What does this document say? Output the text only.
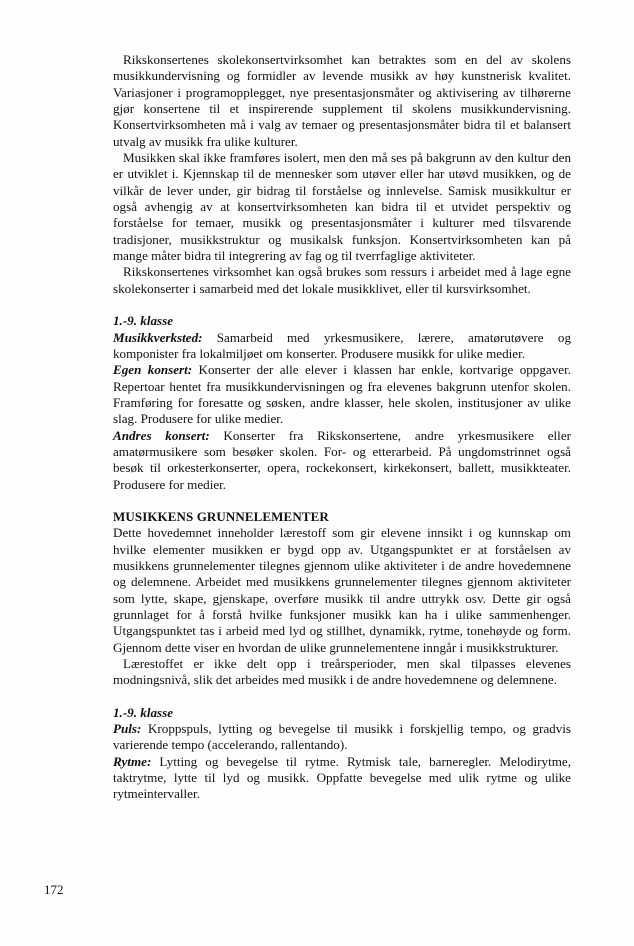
Rikskonsertenes skolekonsertvirksomhet kan betraktes som en del av skolens musikkundervisning og formidler av levende musikk av høy kunstnerisk kvalitet. Variasjoner i programopplegget, nye presentasjonsmåter og aktivisering av tilhørerne gjør konsertene til et inspirerende supplement til skolens musikkundervisning. Konsertvirksomheten må i valg av temaer og presentasjonsmåter bidra til et balansert utvalg av musikk fra ulike kulturer.

Musikken skal ikke framføres isolert, men den må ses på bakgrunn av den kultur den er utviklet i. Kjennskap til de mennesker som utøver eller har utøvd musikken, og de vilkår de lever under, gir bidrag til forståelse og innlevelse. Samisk musikkultur er også avhengig av at konsertvirksomheten kan bidra til et utvidet perspektiv og forståelse for temaer, musikk og presentasjonsmåter i kulturer med tilsvarende tradisjoner, musikkstruktur og musikalsk funksjon. Konsertvirksomheten kan på mange måter bidra til integrering av fag og til tverrfaglige aktiviteter.

Rikskonsertenes virksomhet kan også brukes som ressurs i arbeidet med å lage egne skolekonserter i samarbeid med det lokale musikklivet, eller til kursvirksomhet.

1.-9. klasse

Musikkverksted: Samarbeid med yrkesmusikere, lærere, amatørutøvere og komponister fra lokalmiljøet om konserter. Produsere musikk for ulike medier.

Egen konsert: Konserter der alle elever i klassen har enkle, kortvarige oppgaver. Repertoar hentet fra musikkundervisningen og fra elevenes bakgrunn utenfor skolen. Framføring for foresatte og søsken, andre klasser, hele skolen, institusjoner av ulike slag. Produsere for ulike medier.

Andres konsert: Konserter fra Rikskonsertene, andre yrkesmusikere eller amatørmusikere som besøker skolen. For- og etterarbeid. På ungdomstrinnet også besøk til orkesterkonserter, opera, rockekonsert, kirkekonsert, ballett, musikkteater. Produsere for medier.

MUSIKKENS GRUNNELEMENTER

Dette hovedemnet inneholder lærestoff som gir elevene innsikt i og kunnskap om hvilke elementer musikken er bygd opp av. Utgangspunktet er at forståelsen av musikkens grunnelementer tilegnes gjennom ulike aktiviteter i de andre hovedemnene og delemnene. Arbeidet med musikkens grunnelementer tilegnes gjennom aktiviteter som lytte, skape, gjenskape, overføre musikk til andre uttrykk osv. Dette gir også grunnlaget for å forstå hvilke funksjoner musikk kan ha i ulike sammenhenger. Utgangspunktet tas i arbeid med lyd og stillhet, dynamikk, rytme, tonehøyde og form. Gjennom dette viser en hvordan de ulike grunnelementene inngår i musikkstrukturer.

Lærestoffet er ikke delt opp i treårsperioder, men skal tilpasses elevenes modningsnivå, slik det arbeides med musikk i de andre hovedemnene og delemnene.

1.-9. klasse

Puls: Kroppspuls, lytting og bevegelse til musikk i forskjellig tempo, og gradvis varierende tempo (accelerando, rallentando).

Rytme: Lytting og bevegelse til rytme. Rytmisk tale, barneregler. Melodirytme, taktrytme, lytte til lyd og musikk. Oppfatte bevegelse med ulik rytme og ulike rytmeintervaller.

172
